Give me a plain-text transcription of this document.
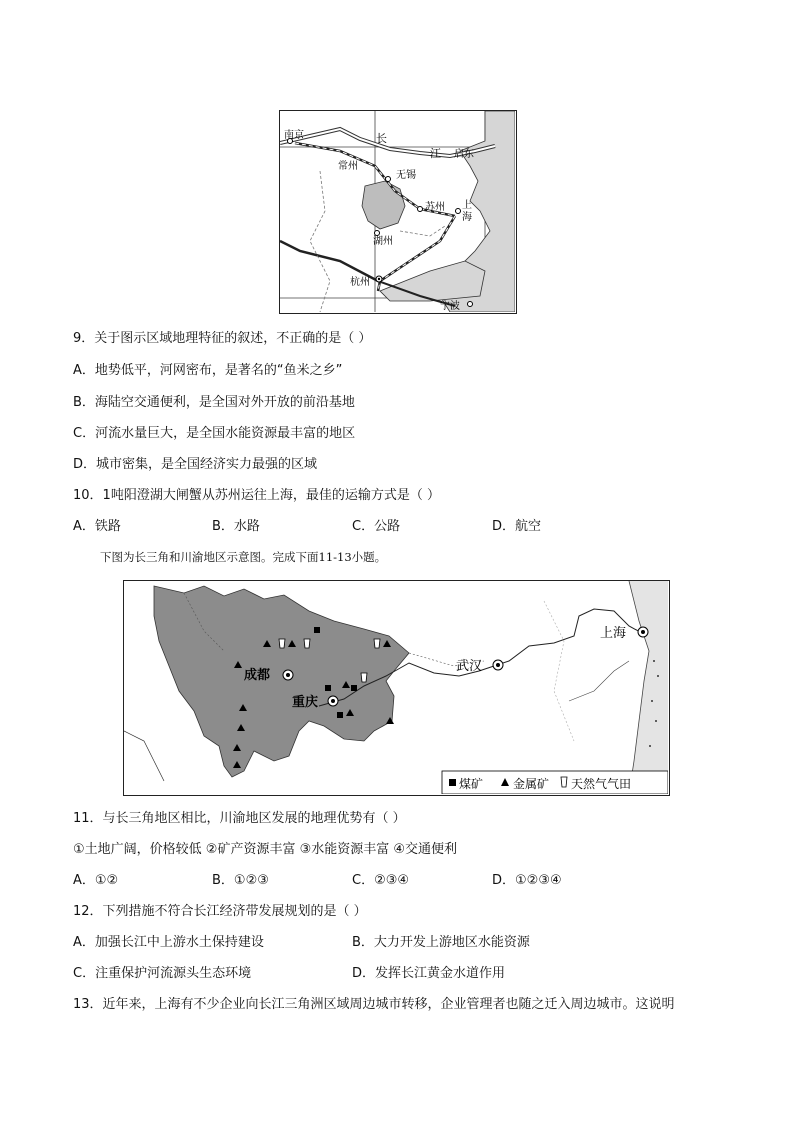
南京	长
江 启东
常州
无锡
苏州 上海
湖州
杭州
宁波
9．关于图示区域地理特征的叙述，不正确的是（ ）
A．地势低平，河网密布，是著名的“鱼米之乡”
B．海陆空交通便利，是全国对外开放的前沿基地
C．河流水量巨大，是全国水能资源最丰富的地区
D．城市密集，是全国经济实力最强的区域
10．1吨阳澄湖大闸蟹从苏州运往上海，最佳的运输方式是（ ）
A．铁路	B．水路	C．公路	D．航空
下图为长三角和川渝地区示意图。完成下面11-13小题。
成都
重庆
武汉
上海
煤矿 金属矿 天然气气田
11．与长三角地区相比，川渝地区发展的地理优势有（ ）
①土地广阔，价格较低 ②矿产资源丰富 ③水能资源丰富 ④交通便利
A．①②	B．①②③	C．②③④	D．①②③④
12．下列措施不符合长江经济带发展规划的是（ ）
A．加强长江中上游水土保持建设	B．大力开发上游地区水能资源
C．注重保护河流源头生态环境	D．发挥长江黄金水道作用
13．近年来，上海有不少企业向长江三角洲区域周边城市转移，企业管理者也随之迁入周边城市。这说明
